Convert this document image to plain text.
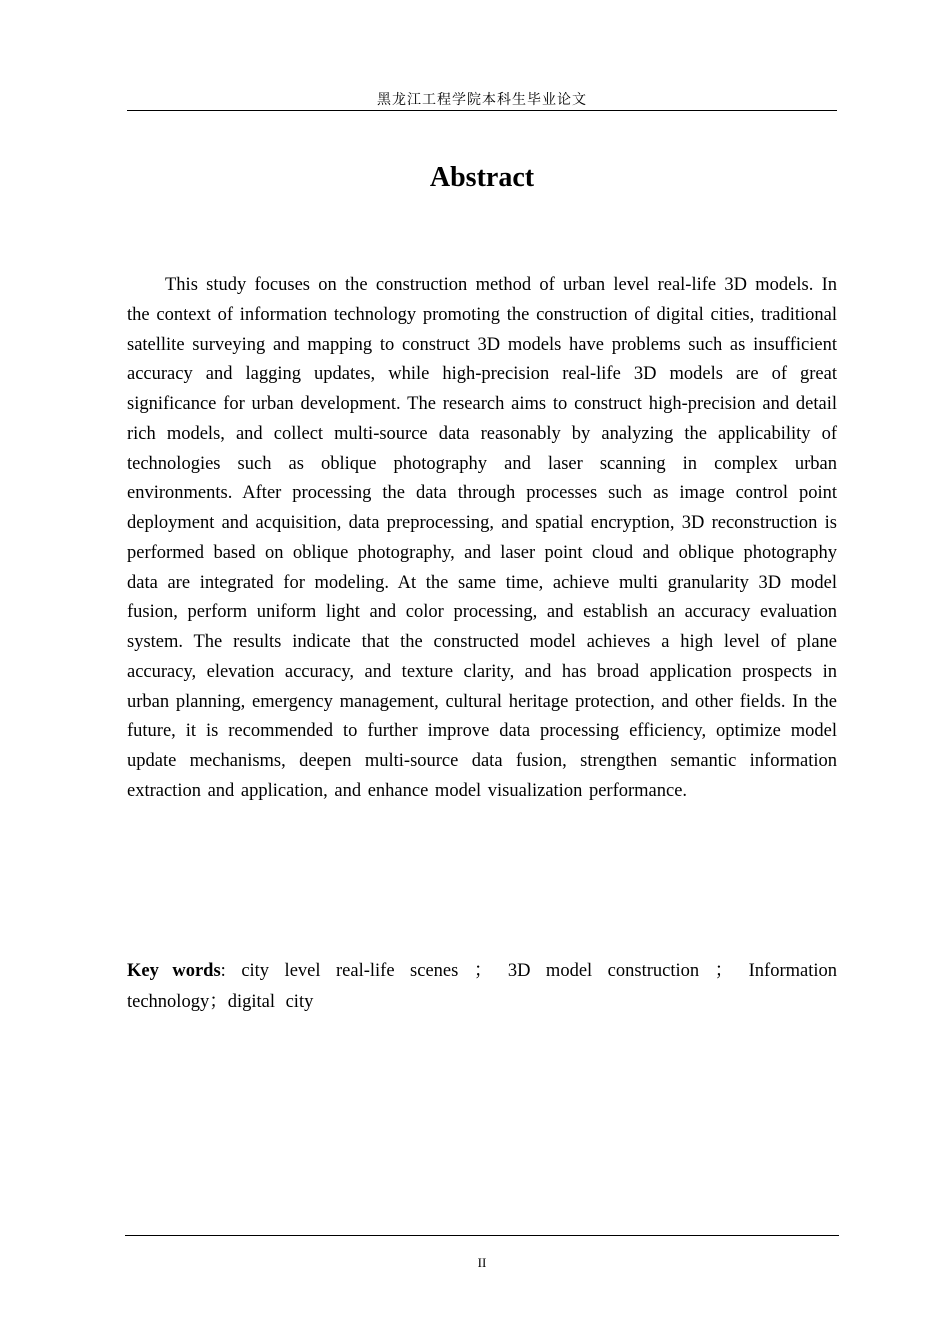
黑龙江工程学院本科生毕业论文
Abstract

This study focuses on the construction method of urban level real-life 3D models. In the context of information technology promoting the construction of digital cities, traditional satellite surveying and mapping to construct 3D models have problems such as insufficient accuracy and lagging updates, while high-precision real-life 3D models are of great significance for urban development. The research aims to construct high-precision and detail rich models, and collect multi-source data reasonably by analyzing the applicability of technologies such as oblique photography and laser scanning in complex urban environments. After processing the data through processes such as image control point deployment and acquisition, data preprocessing, and spatial encryption, 3D reconstruction is performed based on oblique photography, and laser point cloud and oblique photography data are integrated for modeling. At the same time, achieve multi granularity 3D model fusion, perform uniform light and color processing, and establish an accuracy evaluation system. The results indicate that the constructed model achieves a high level of plane accuracy, elevation accuracy, and texture clarity, and has broad application prospects in urban planning, emergency management, cultural heritage protection, and other fields. In the future, it is recommended to further improve data processing efficiency, optimize model update mechanisms, deepen multi-source data fusion, strengthen semantic information extraction and application, and enhance model visualization performance.

Key words: city level real-life scenes ； 3D model construction ； Information technology；digital city

II
